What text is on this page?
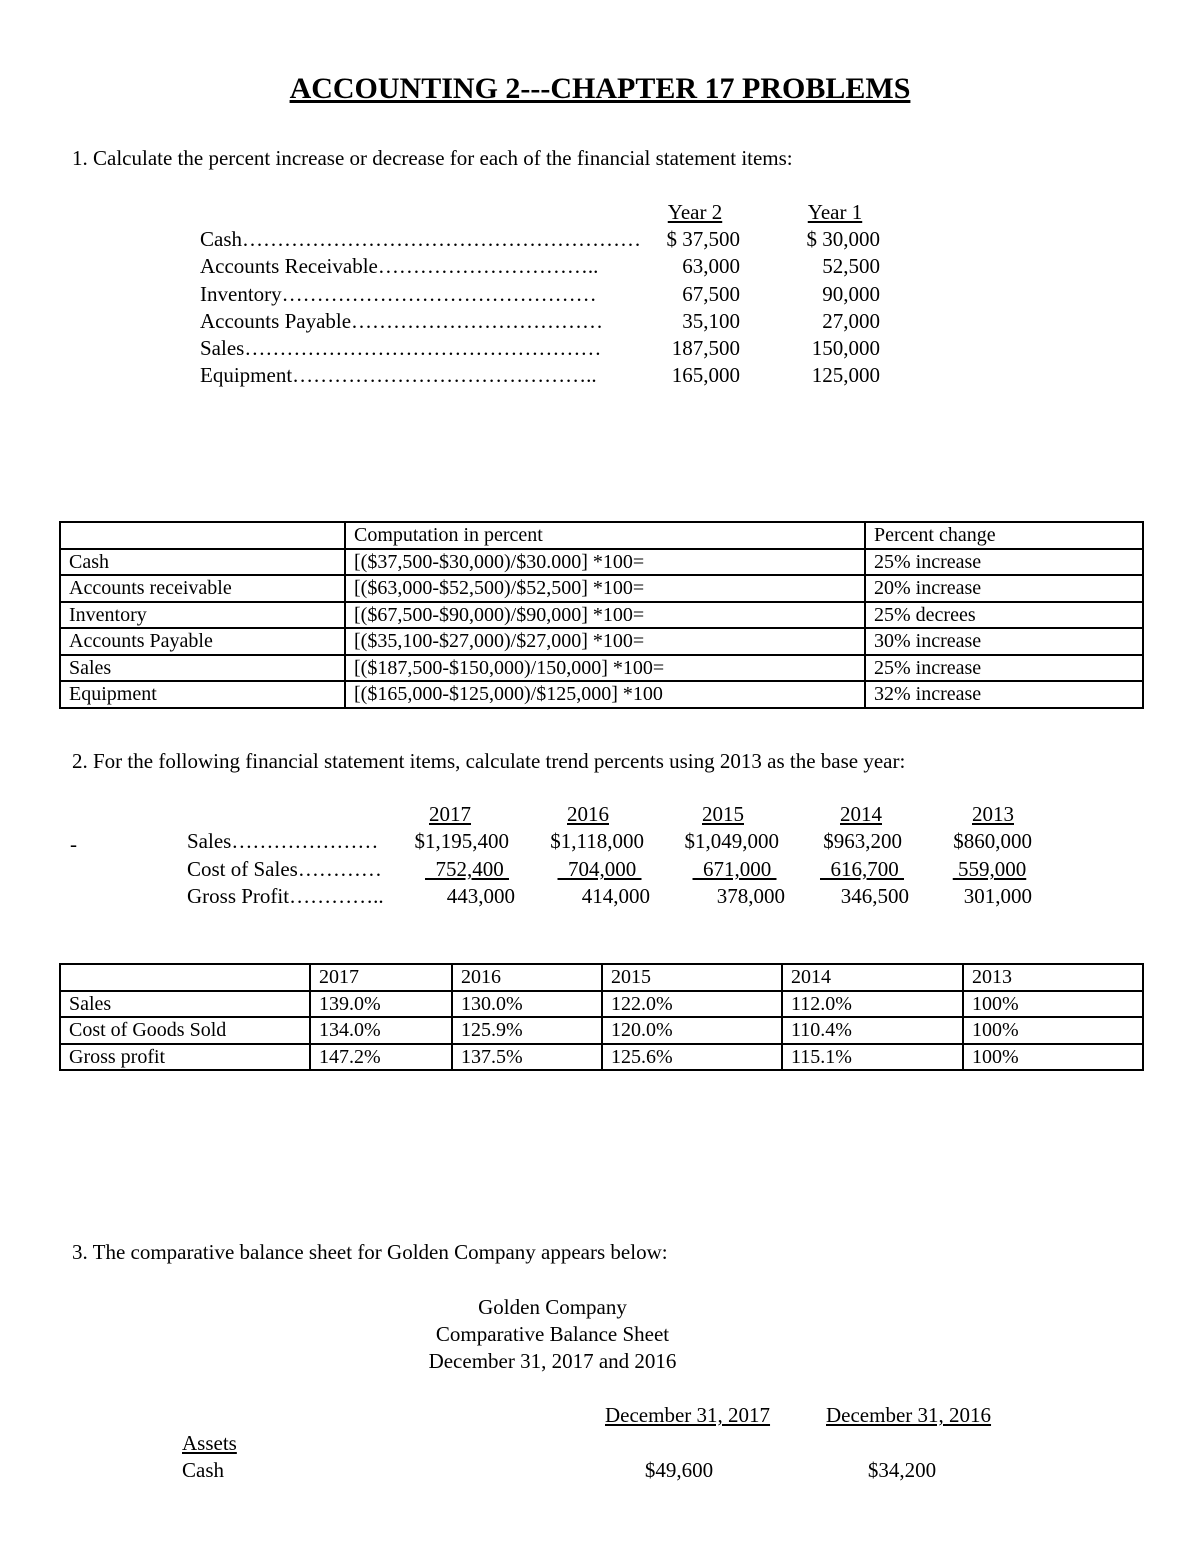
ACCOUNTING 2---CHAPTER 17 PROBLEMS
1. Calculate the percent increase or decrease for each of the financial statement items:
Year 2	Year 1
Cash…………………………………………………	$ 37,500	$ 30,000
Accounts Receivable…………………………..	63,000	52,500
Inventory………………………………………	67,500	90,000
Accounts Payable………………………………	35,100	27,000
Sales……………………………………………	187,500	150,000
Equipment……………………………………..	165,000	125,000
	Computation in percent	Percent change
Cash	[($37,500-$30,000)/$30.000] *100=	25% increase
Accounts receivable	[($63,000-$52,500)/$52,500] *100=	20% increase
Inventory	[($67,500-$90,000)/$90,000] *100=	25% decrees
Accounts Payable	[($35,100-$27,000)/$27,000] *100=	30% increase
Sales	[($187,500-$150,000)/150,000] *100=	25% increase
Equipment	[($165,000-$125,000)/$125,000] *100	32% increase
2. For the following financial statement items, calculate trend percents using 2013 as the base year:
2017	2016	2015	2014	2013
-	Sales…………………	$1,195,400	$1,118,000	$1,049,000	$963,200	$860,000
Cost of Sales…………	752,400	704,000	671,000	616,700	559,000
Gross Profit…………..	443,000	414,000	378,000	346,500	301,000
	2017	2016	2015	2014	2013
Sales	139.0%	130.0%	122.0%	112.0%	100%
Cost of Goods Sold	134.0%	125.9%	120.0%	110.4%	100%
Gross profit	147.2%	137.5%	125.6%	115.1%	100%
3. The comparative balance sheet for Golden Company appears below:
Golden Company
Comparative Balance Sheet
December 31, 2017 and 2016
December 31, 2017	December 31, 2016
Assets
Cash	$49,600	$34,200
